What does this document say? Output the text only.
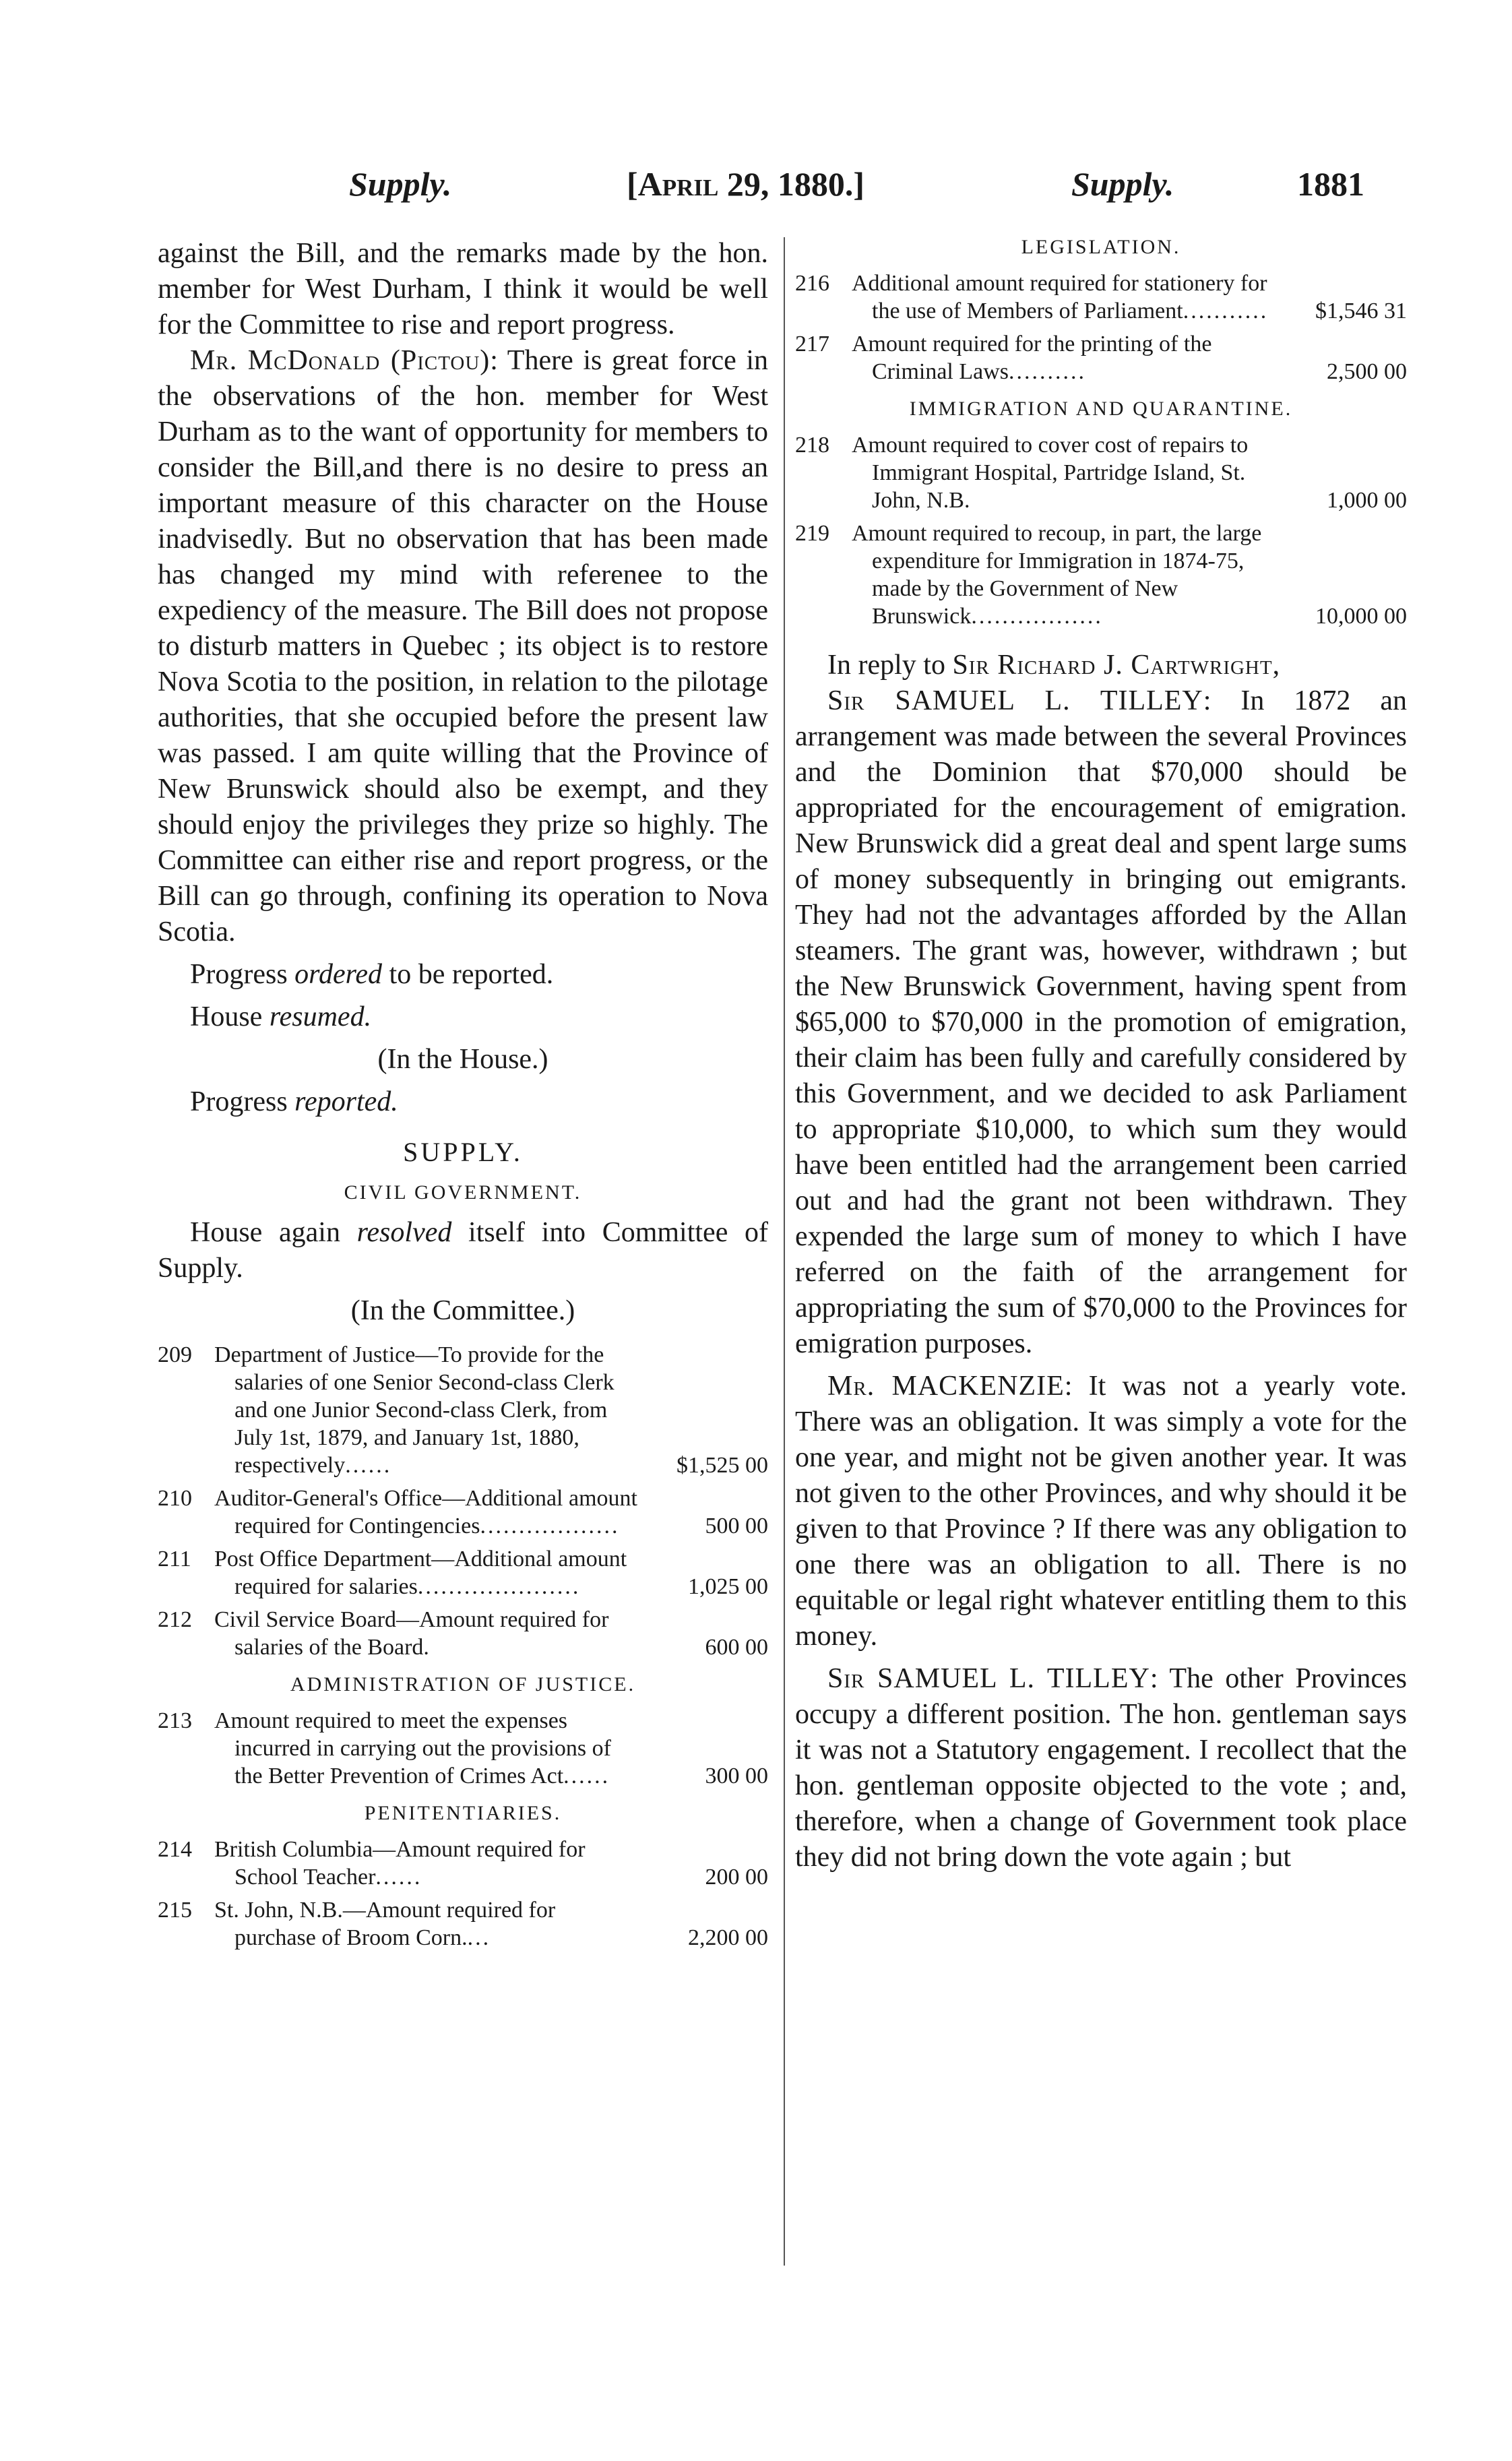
Supply.	[April 29, 1880.]	Supply.	1881

against the Bill, and the remarks made by the hon. member for West Durham, I think it would be well for the Committee to rise and report progress.

Mr. McDonald (Pictou): There is great force in the observations of the hon. member for West Durham as to the want of opportunity for members to consider the Bill,and there is no desire to press an important measure of this character on the House inadvisedly. But no observation that has been made has changed my mind with referenee to the expediency of the measure. The Bill does not propose to disturb matters in Quebec ; its object is to restore Nova Scotia to the position, in relation to the pilotage authorities, that she occupied before the present law was passed. I am quite willing that the Province of New Brunswick should also be exempt, and they should enjoy the privileges they prize so highly. The Committee can either rise and report progress, or the Bill can go through, confining its operation to Nova Scotia.

Progress ordered to be reported.

House resumed.

(In the House.)

Progress reported.

SUPPLY.
CIVIL GOVERNMENT.

House again resolved itself into Committee of Supply.

(In the Committee.)

209 Department of Justice—To provide for the salaries of one Senior Second-class Clerk and one Junior Second-class Clerk, from July 1st, 1879, and January 1st, 1880, respectively......	$1,525 00
210 Auditor-General's Office—Additional amount required for Contingencies..................	500 00
211	Post Office Department—Additional amount required for salaries.....................	1,025 00
212 Civil Service Board—Amount required for salaries of the Board.	600 00
ADMINISTRATION OF JUSTICE.
213 Amount required to meet the expenses incurred in carrying out the provisions of the Better Prevention of Crimes Act......	300 00
PENITENTIARIES.
214 British Columbia—Amount required for School Teacher......	200 00
215 St. John, N.B.—Amount required for purchase of Broom Corn....	2,200 00
LEGISLATION.
216 Additional amount required for stationery for the use of Members of Parliament...........	$1,546 31
217 Amount required for the printing of the Criminal Laws..........	2,500 00
IMMIGRATION AND QUARANTINE.
218 Amount required to cover cost of repairs to Immigrant Hospital, Partridge Island, St. John, N.B.	1,000 00
219 Amount required to recoup, in part, the large expenditure for Immigration in 1874-75, made by the Government of New Brunswick.................	10,000 00

In reply to Sir Richard J. Cartwright,

Sir SAMUEL L. TILLEY: In 1872 an arrangement was made between the several Provinces and the Dominion that $70,000 should be appropriated for the encouragement of emigration. New Brunswick did a great deal and spent large sums of money subsequently in bringing out emigrants. They had not the advantages afforded by the Allan steamers. The grant was, however, withdrawn ; but the New Brunswick Government, having spent from $65,000 to $70,000 in the promotion of emigration, their claim has been fully and carefully considered by this Government, and we decided to ask Parliament to appropriate $10,000, to which sum they would have been entitled had the arrangement been carried out and had the grant not been withdrawn. They expended the large sum of money to which I have referred on the faith of the arrangement for appropriating the sum of $70,000 to the Provinces for emigration purposes.

Mr. MACKENZIE: It was not a yearly vote. There was an obligation. It was simply a vote for the one year, and might not be given another year. It was not given to the other Provinces, and why should it be given to that Province ? If there was any obligation to one there was an obligation to all. There is no equitable or legal right whatever entitling them to this money.

Sir SAMUEL L. TILLEY: The other Provinces occupy a different position. The hon. gentleman says it was not a Statutory engagement. I recollect that the hon. gentleman opposite objected to the vote ; and, therefore, when a change of Government took place they did not bring down the vote again ; but
